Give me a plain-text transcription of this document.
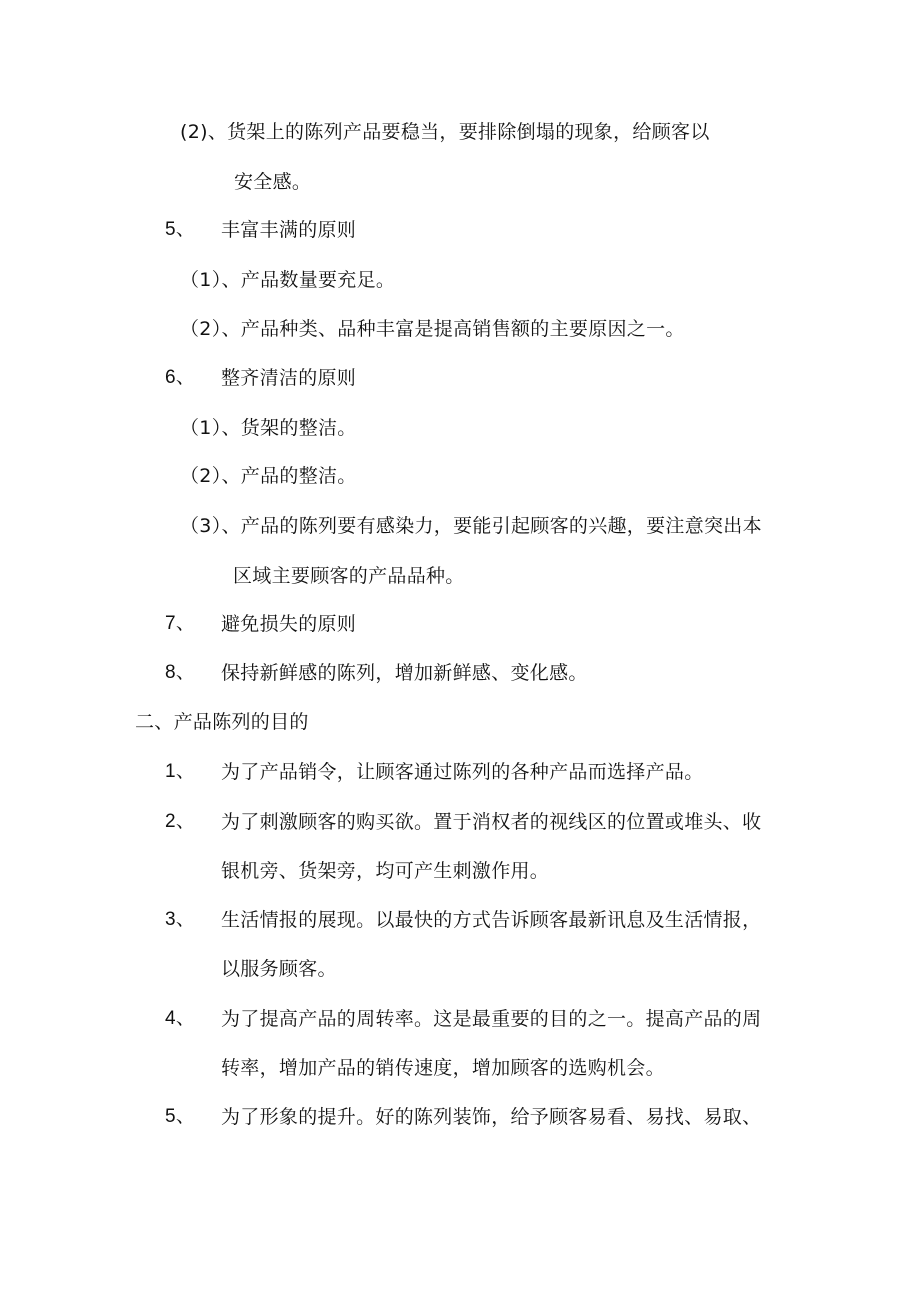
(2)、货架上的陈列产品要稳当，要排除倒塌的现象，给顾客以
安全感。
5、 丰富丰满的原则
（1）、产品数量要充足。
（2）、产品种类、品种丰富是提高销售额的主要原因之一。
6、 整齐清洁的原则
（1）、货架的整洁。
（2）、产品的整洁。
（3）、产品的陈列要有感染力，要能引起顾客的兴趣，要注意突出本
区域主要顾客的产品品种。
7、 避免损失的原则
8、 保持新鲜感的陈列，增加新鲜感、变化感。
二、产品陈列的目的
1、 为了产品销令，让顾客通过陈列的各种产品而选择产品。
2、 为了刺激顾客的购买欲。置于消权者的视线区的位置或堆头、收
银机旁、货架旁，均可产生刺激作用。
3、 生活情报的展现。以最快的方式告诉顾客最新讯息及生活情报，
以服务顾客。
4、 为了提高产品的周转率。这是最重要的目的之一。提高产品的周
转率，增加产品的销传速度，增加顾客的选购机会。
5、 为了形象的提升。好的陈列装饰，给予顾客易看、易找、易取、
